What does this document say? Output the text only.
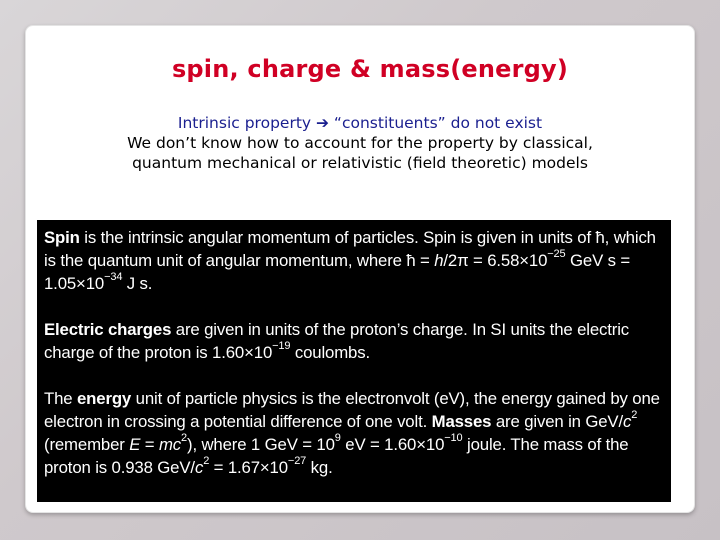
spin, charge & mass(energy)
Intrinsic property ➔ “constituents” do not exist
We don’t know how to account for the property by classical,
quantum mechanical or relativistic (field theoretic) models

Spin is the intrinsic angular momentum of particles. Spin is given in units of ħ, which is the quantum unit of angular momentum, where ħ = $h/2\pi = 6.58\times 10^{-25}$ GeV $s = 1.05\times 10^{-34}$ J s.

Electric charges are given in units of the proton’s charge. In SI units the electric charge of the proton is $1.60\times 10^{-19}$ coulombs.

The energy unit of particle physics is the electronvolt (eV), the energy gained by one electron in crossing a potential difference of one volt. Masses are given in GeV/$c^2$ (remember $E = mc^2$), where 1 GeV = $10^9$ eV = $1.60\times 10^{-10}$ joule. The mass of the proton is 0.938 GeV/$c^2 = 1.67\times 10^{-27}$ kg.
